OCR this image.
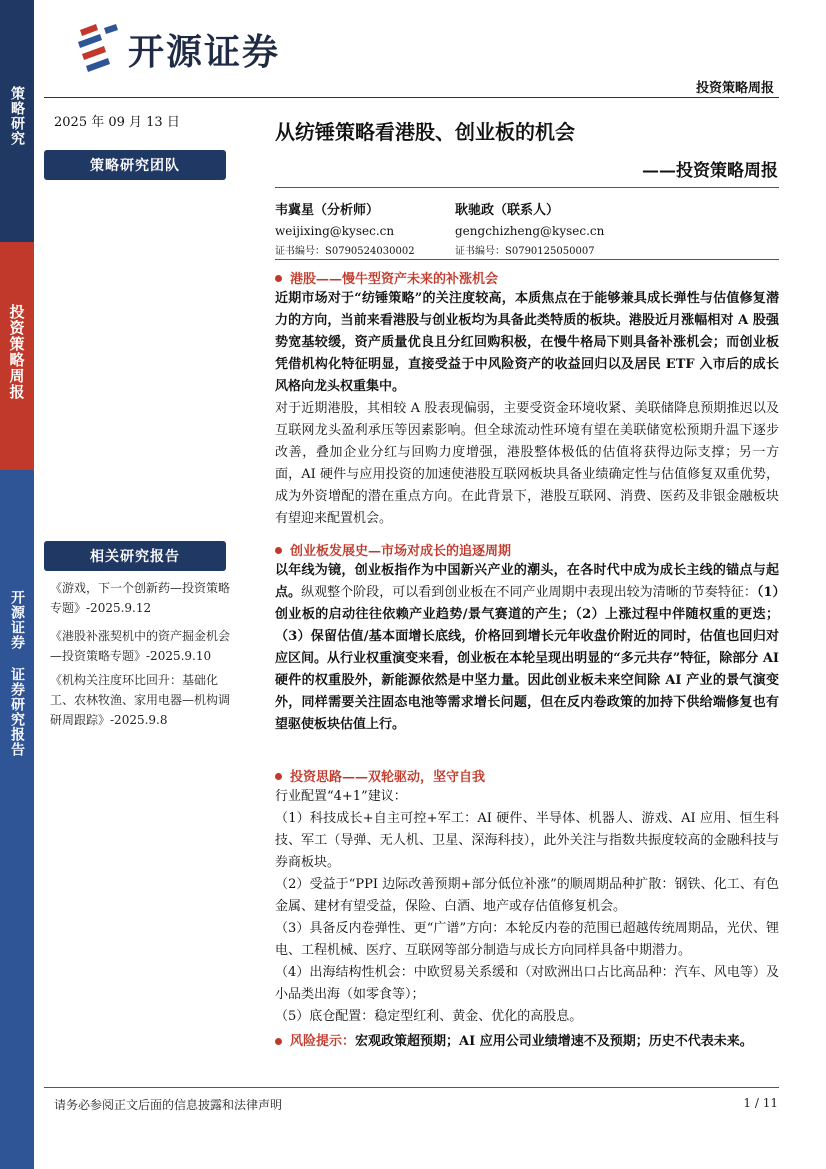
开源证券
投资策略周报
策略研究
投资策略周报
开源证券 证券研究报告
2025 年 09 月 13 日
策略研究团队
相关研究报告
《游戏，下一个创新药—投资策略专题》-2025.9.12
《港股补涨契机中的资产掘金机会—投资策略专题》-2025.9.10
《机构关注度环比回升：基础化工、农林牧渔、家用电器—机构调研周跟踪》-2025.9.8
从纺锤策略看港股、创业板的机会
——投资策略周报
韦冀星（分析师）
weijixing@kysec.cn
证书编号：S0790524030002
耿驰政（联系人）
gengchizheng@kysec.cn
证书编号：S0790125050007
港股——慢牛型资产未来的补涨机会
近期市场对于“纺锤策略”的关注度较高，本质焦点在于能够兼具成长弹性与估值修复潜力的方向，当前来看港股与创业板均为具备此类特质的板块。港股近月涨幅相对 A 股强势宽基较缓，资产质量优良且分红回购积极，在慢牛格局下则具备补涨机会；而创业板凭借机构化特征明显，直接受益于中风险资产的收益回归以及居民 ETF 入市后的成长风格向龙头权重集中。
对于近期港股，其相较 A 股表现偏弱，主要受资金环境收紧、美联储降息预期推迟以及互联网龙头盈利承压等因素影响。但全球流动性环境有望在美联储宽松预期升温下逐步改善，叠加企业分红与回购力度增强，港股整体极低的估值将获得边际支撑；另一方面，AI 硬件与应用投资的加速使港股互联网板块具备业绩确定性与估值修复双重优势，成为外资增配的潜在重点方向。在此背景下，港股互联网、消费、医药及非银金融板块有望迎来配置机会。
创业板发展史—市场对成长的追逐周期
以年线为镜，创业板指作为中国新兴产业的潮头，在各时代中成为成长主线的锚点与起点。纵观整个阶段，可以看到创业板在不同产业周期中表现出较为清晰的节奏特征：（1）创业板的启动往往依赖产业趋势/景气赛道的产生；（2）上涨过程中伴随权重的更迭；（3）保留估值/基本面增长底线，价格回到增长元年收盘价附近的同时，估值也回归对应区间。从行业权重演变来看，创业板在本轮呈现出明显的“多元共存”特征，除部分 AI 硬件的权重股外，新能源依然是中坚力量。因此创业板未来空间除 AI 产业的景气演变外，同样需要关注固态电池等需求增长问题，但在反内卷政策的加持下供给端修复也有望驱使板块估值上行。
投资思路——双轮驱动，坚守自我
行业配置“4+1”建议：
（1）科技成长+自主可控+军工：AI 硬件、半导体、机器人、游戏、AI 应用、恒生科技、军工（导弹、无人机、卫星、深海科技），此外关注与指数共振度较高的金融科技与券商板块。
（2）受益于“PPI 边际改善预期+部分低位补涨”的顺周期品种扩散：钢铁、化工、有色金属、建材有望受益，保险、白酒、地产或存估值修复机会。
（3）具备反内卷弹性、更“广谱”方向：本轮反内卷的范围已超越传统周期品，光伏、锂电、工程机械、医疗、互联网等部分制造与成长方向同样具备中期潜力。
（4）出海结构性机会：中欧贸易关系缓和（对欧洲出口占比高品种：汽车、风电等）及小品类出海（如零食等）；
（5）底仓配置：稳定型红利、黄金、优化的高股息。
风险提示：宏观政策超预期；AI 应用公司业绩增速不及预期；历史不代表未来。
请务必参阅正文后面的信息披露和法律声明	1 / 11
